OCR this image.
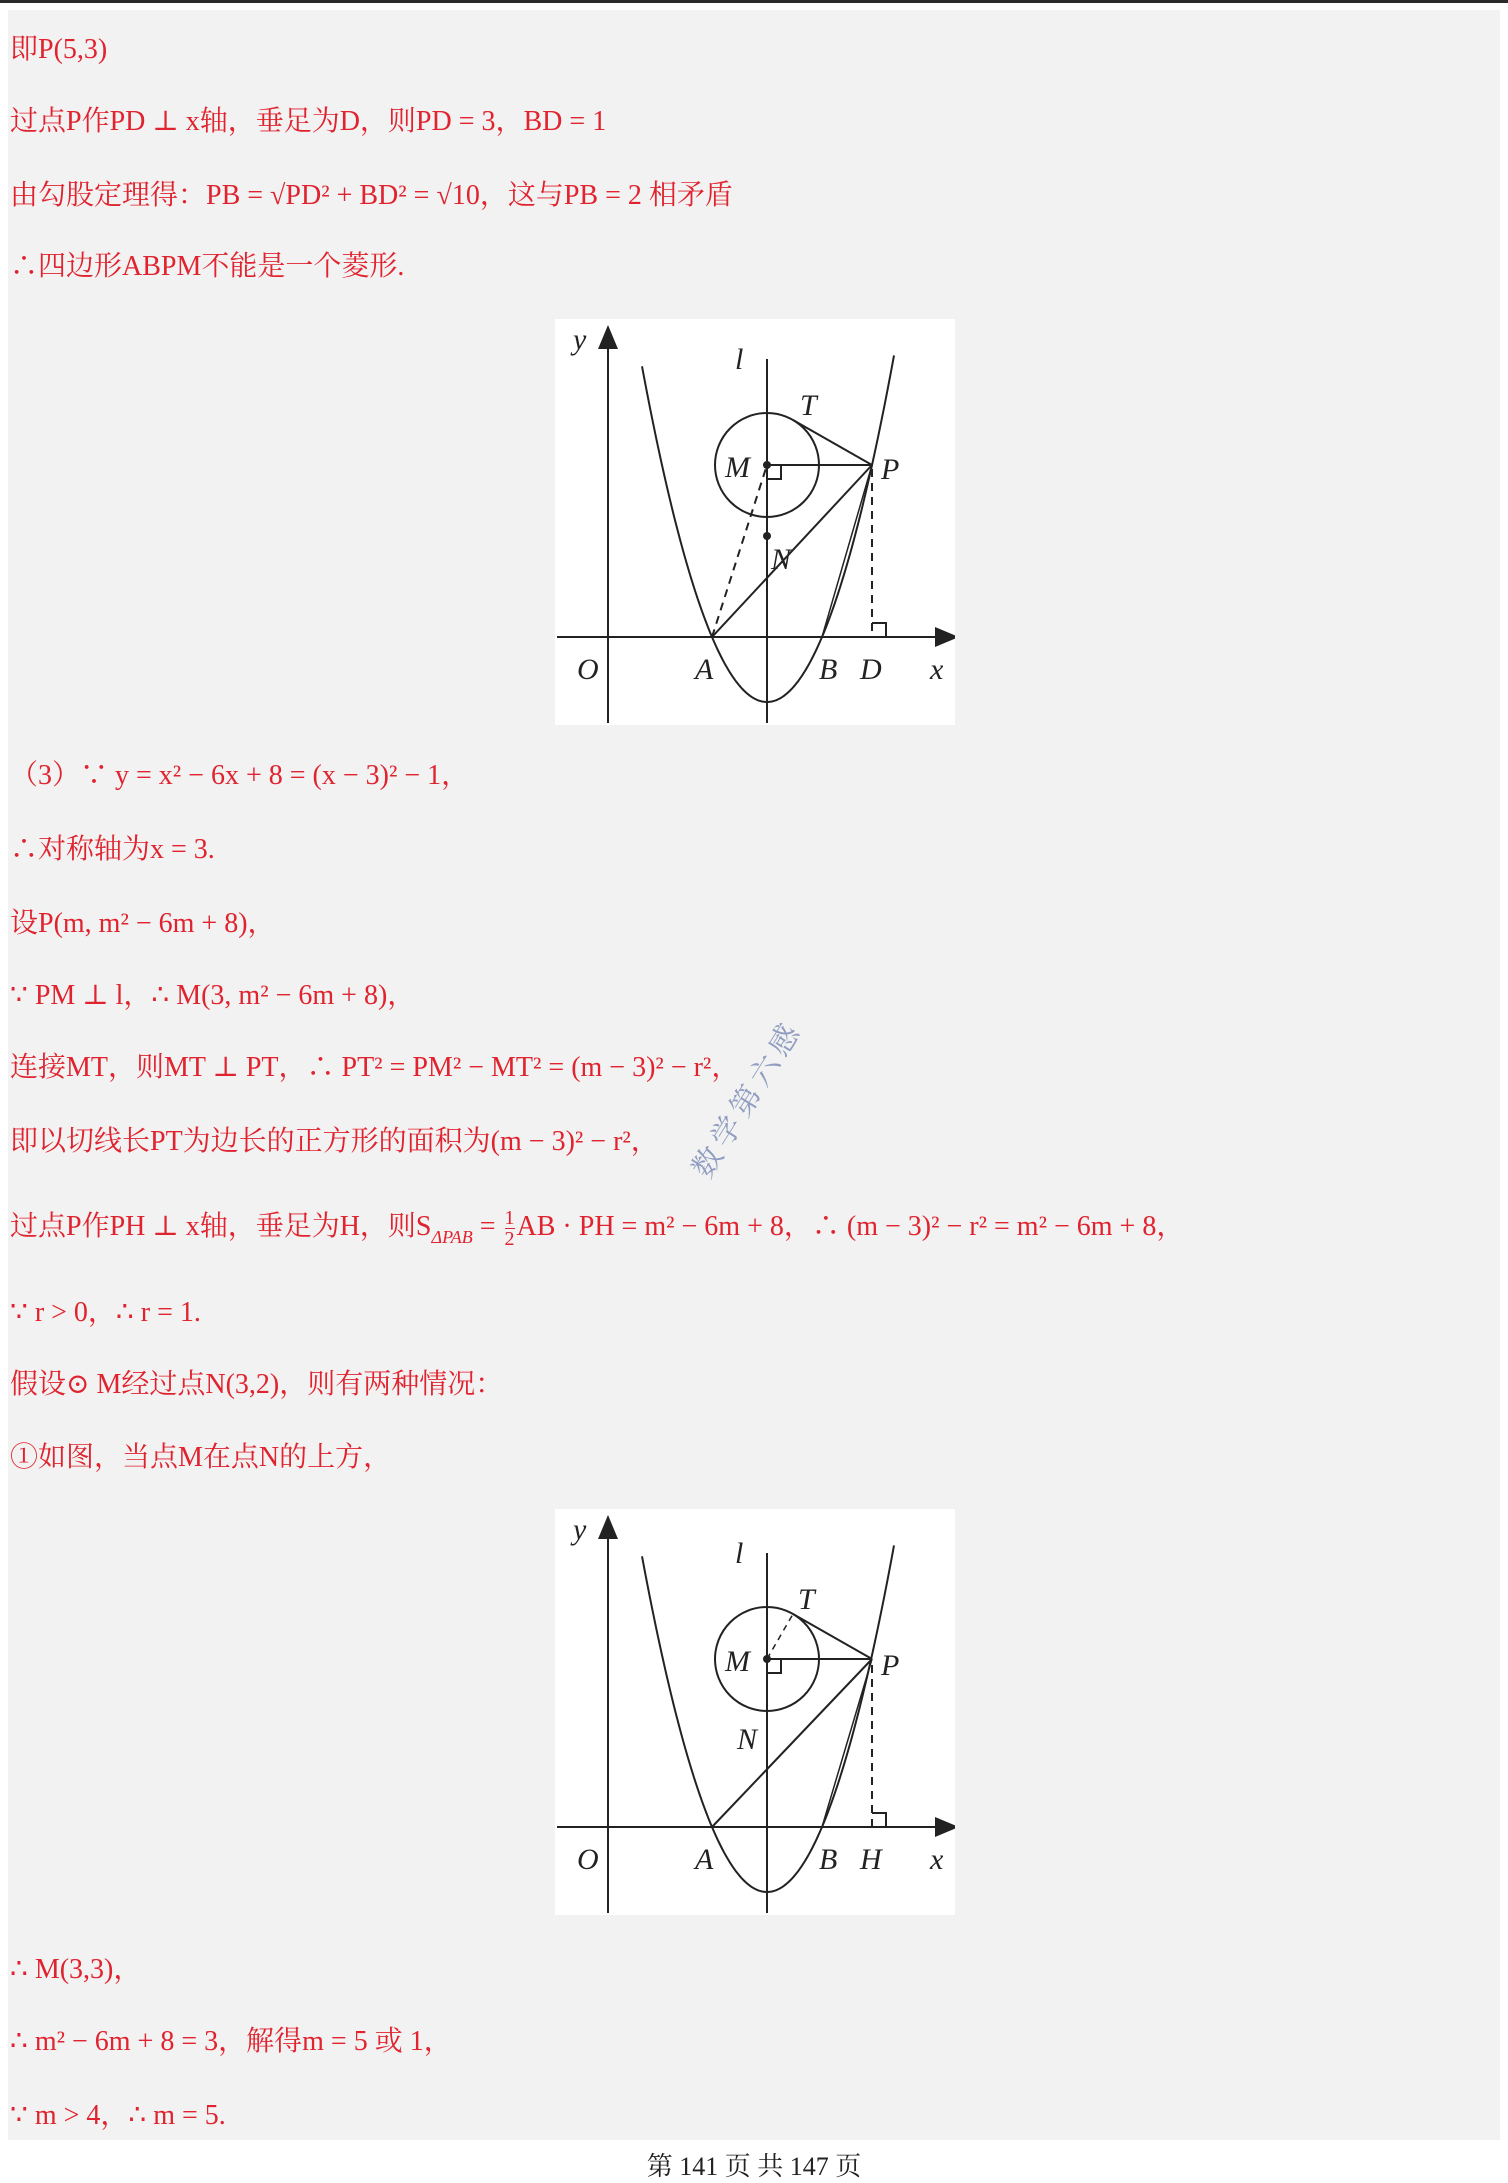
即P(5,3)
过点P作PD ⊥ x轴，垂足为D，则PD = 3，BD = 1
由勾股定理得：PB = √PD² + BD² = √10，这与PB = 2 相矛盾
∴四边形ABPM不能是一个菱形.
y
l
T
M	P
N
O	A	B D x
（3）∵ y = x² − 6x + 8 = (x − 3)² − 1，
∴对称轴为x = 3.
设P(m, m² − 6m + 8)，
∵ PM ⊥ l，∴ M(3, m² − 6m + 8)，
连接MT，则MT ⊥ PT，∴ PT² = PM² − MT² = (m − 3)² − r²，
即以切线长PT为边长的正方形的面积为(m − 3)² − r²，
过点P作PH ⊥ x轴，垂足为H，则$S_{\Delta PAB} = \frac{1}{2}$ AB · PH = m² − 6m + 8，∴ (m − 3)² − r² = m² − 6m + 8，
∵ r > 0，∴ r = 1.
假设⊙ M经过点N(3,2)，则有两种情况：
①如图，当点M在点N的上方，
数学第六感
y
l
T
M	P
N
O	A	B H x
∴ M(3,3)，
∴ m² − 6m + 8 = 3，解得m = 5 或 1，
∵ m > 4，∴ m = 5.
第 141 页 共 147 页
